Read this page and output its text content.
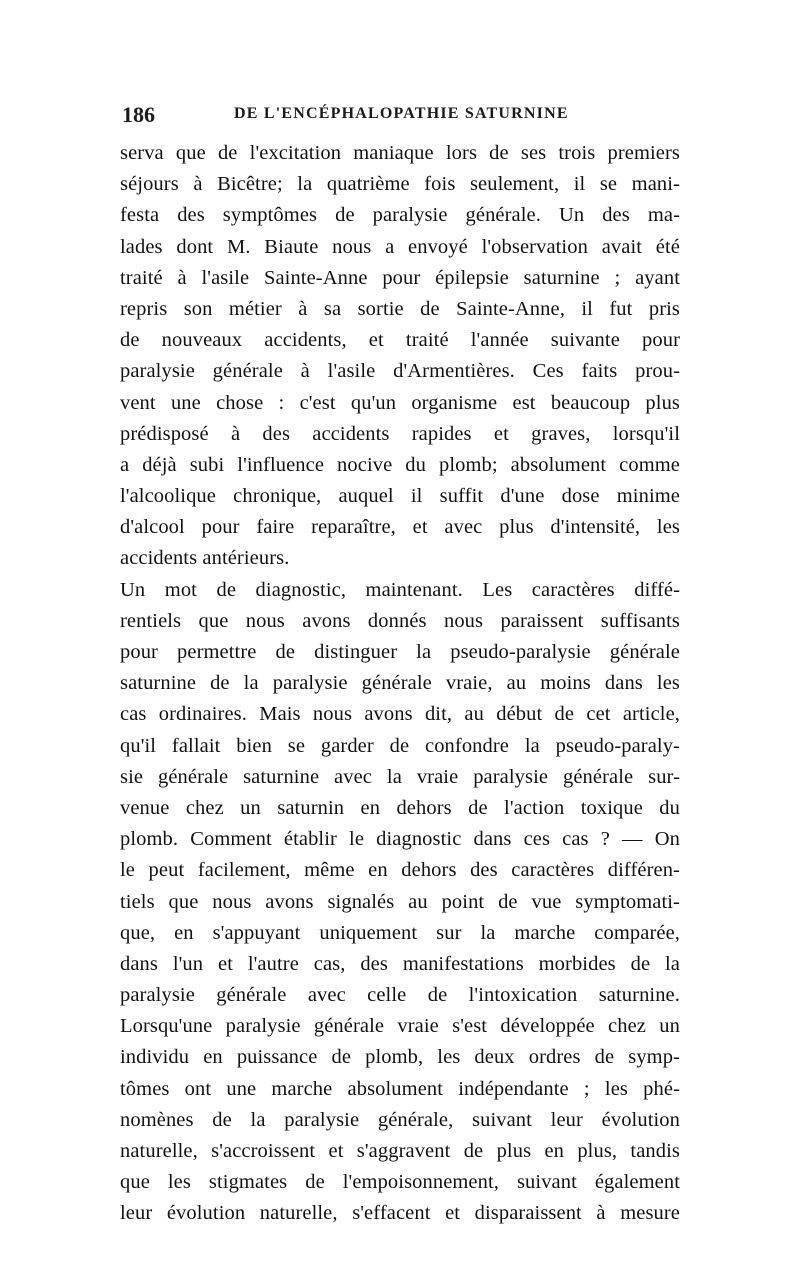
186	DE L'ENCÉPHALOPATHIE SATURNINE
serva que de l'excitation maniaque lors de ses trois premiers
séjours à Bicêtre; la quatrième fois seulement, il se mani-
festa des symptômes de paralysie générale. Un des ma-
lades dont M. Biaute nous a envoyé l'observation avait été
traité à l'asile Sainte-Anne pour épilepsie saturnine ; ayant
repris son métier à sa sortie de Sainte-Anne, il fut pris
de nouveaux accidents, et traité l'année suivante pour
paralysie générale à l'asile d'Armentières. Ces faits prou-
vent une chose : c'est qu'un organisme est beaucoup plus
prédisposé à des accidents rapides et graves, lorsqu'il
a déjà subi l'influence nocive du plomb; absolument comme
l'alcoolique chronique, auquel il suffit d'une dose minime
d'alcool pour faire reparaître, et avec plus d'intensité, les
accidents antérieurs.
Un mot de diagnostic, maintenant. Les caractères diffé-
rentiels que nous avons donnés nous paraissent suffisants
pour permettre de distinguer la pseudo-paralysie générale
saturnine de la paralysie générale vraie, au moins dans les
cas ordinaires. Mais nous avons dit, au début de cet article,
qu'il fallait bien se garder de confondre la pseudo-paraly-
sie générale saturnine avec la vraie paralysie générale sur-
venue chez un saturnin en dehors de l'action toxique du
plomb. Comment établir le diagnostic dans ces cas ? — On
le peut facilement, même en dehors des caractères différen-
tiels que nous avons signalés au point de vue symptomati-
que, en s'appuyant uniquement sur la marche comparée,
dans l'un et l'autre cas, des manifestations morbides de la
paralysie générale avec celle de l'intoxication saturnine.
Lorsqu'une paralysie générale vraie s'est développée chez un
individu en puissance de plomb, les deux ordres de symp-
tômes ont une marche absolument indépendante ; les phé-
nomènes de la paralysie générale, suivant leur évolution
naturelle, s'accroissent et s'aggravent de plus en plus, tandis
que les stigmates de l'empoisonnement, suivant également
leur évolution naturelle, s'effacent et disparaissent à mesure
